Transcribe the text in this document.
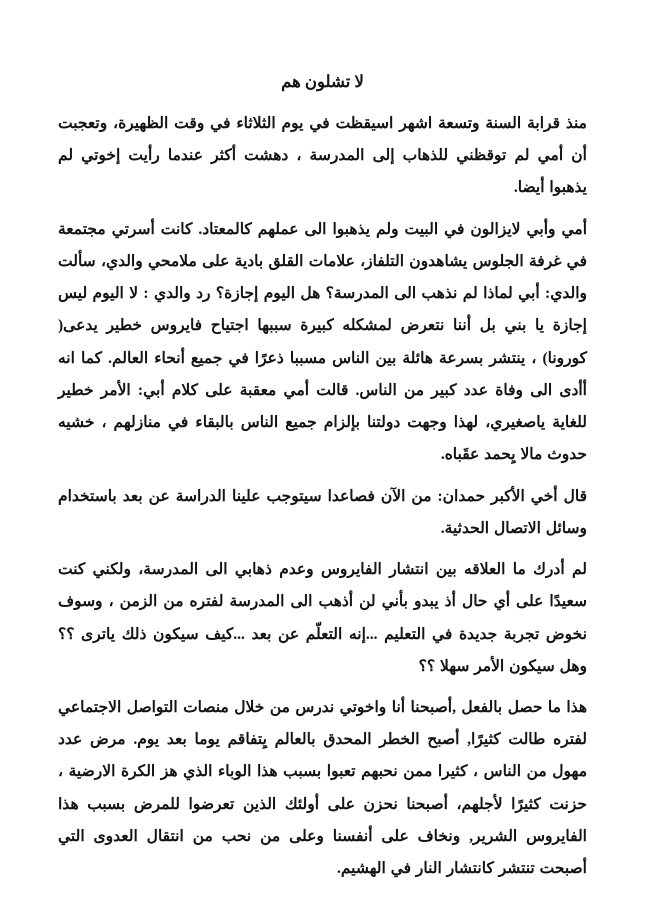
لا تشلون هم

منذ قرابة السنة وتسعة اشهر اسيقظت في يوم الثلاثاء في وقت الظهيرة، وتعجبت أن أمي لم توقظني للذهاب إلى المدرسة ، دهشت أكثر عندما رأيت إخوتي لم يذهبوا أيضا.

أمي وأبي لايزالون في البيت ولم يذهبوا الى عملهم كالمعتاد. كانت أسرتي مجتمعة في غرفة الجلوس يشاهدون التلفاز، علامات القلق بادية على ملامحي والدي، سألت والدي: أبي لماذا لم نذهب الى المدرسة؟ هل اليوم إجازة؟ رد والدي : لا اليوم ليس إجازة يا بني بل أننا نتعرض لمشكله كبيرة سببها اجتياح فايروس خطير يدعى( كورونا) ، ينتشر بسرعة هائلة بين الناس مسببا ذعرًا في جميع أنحاء العالم. كما انه أأدى الى وفاة عدد كبير من الناس. قالت أمي معقبة على كلام أبي: الأمر خطير للغاية ياصغيري، لهذا وجهت دولتنا بإلزام جميع الناس بالبقاء في منازلهم ، خشيه حدوث مالا يِحمد عقَباه.

قال أخي الأكبر حمدان: من الآن فصاعدا سيتوجب علينا الدراسة عن بعد باستخدام وسائل الاتصال الحدثية.

لم أدرك ما العلاقه بين انتشار الفايروس وعدم ذهابي الى المدرسة، ولكني كنت سعيدًا على أي حال أذ يبدو بأني لن أذهب الى المدرسة لفتره من الزمن ، وسوف نخوض تجربة جديدة في التعليم ...إنه التعلّم عن بعد ...كيف سيكون ذلك ياترى ؟؟ وهل سيكون الأمر سهلا ؟؟

هذا ما حصل بالفعل ,أصبحنا أنا واخوتي ندرس من خلال منصات التواصل الاجتماعي لفتره طالت كثيرًا, أصبح الخطر المحدق بالعالم يِتفاقم يوما بعد يوم. مرض عدد مهول من الناس ، كثيرا ممن نحبهم تعبوا بسبب هذا الوباء الذي هز الكرة الارضية ، حزنت كثيرًا لأجلهم، أصبحنا نحزن على أولئك الذين تعرضوا للمرض بسبب هذا الفايروس الشرير, ونخاف على أنفسنا وعلى من نحب من انتقال العدوى التي أصبحت تنتشر كانتشار النار في الهشيم.
